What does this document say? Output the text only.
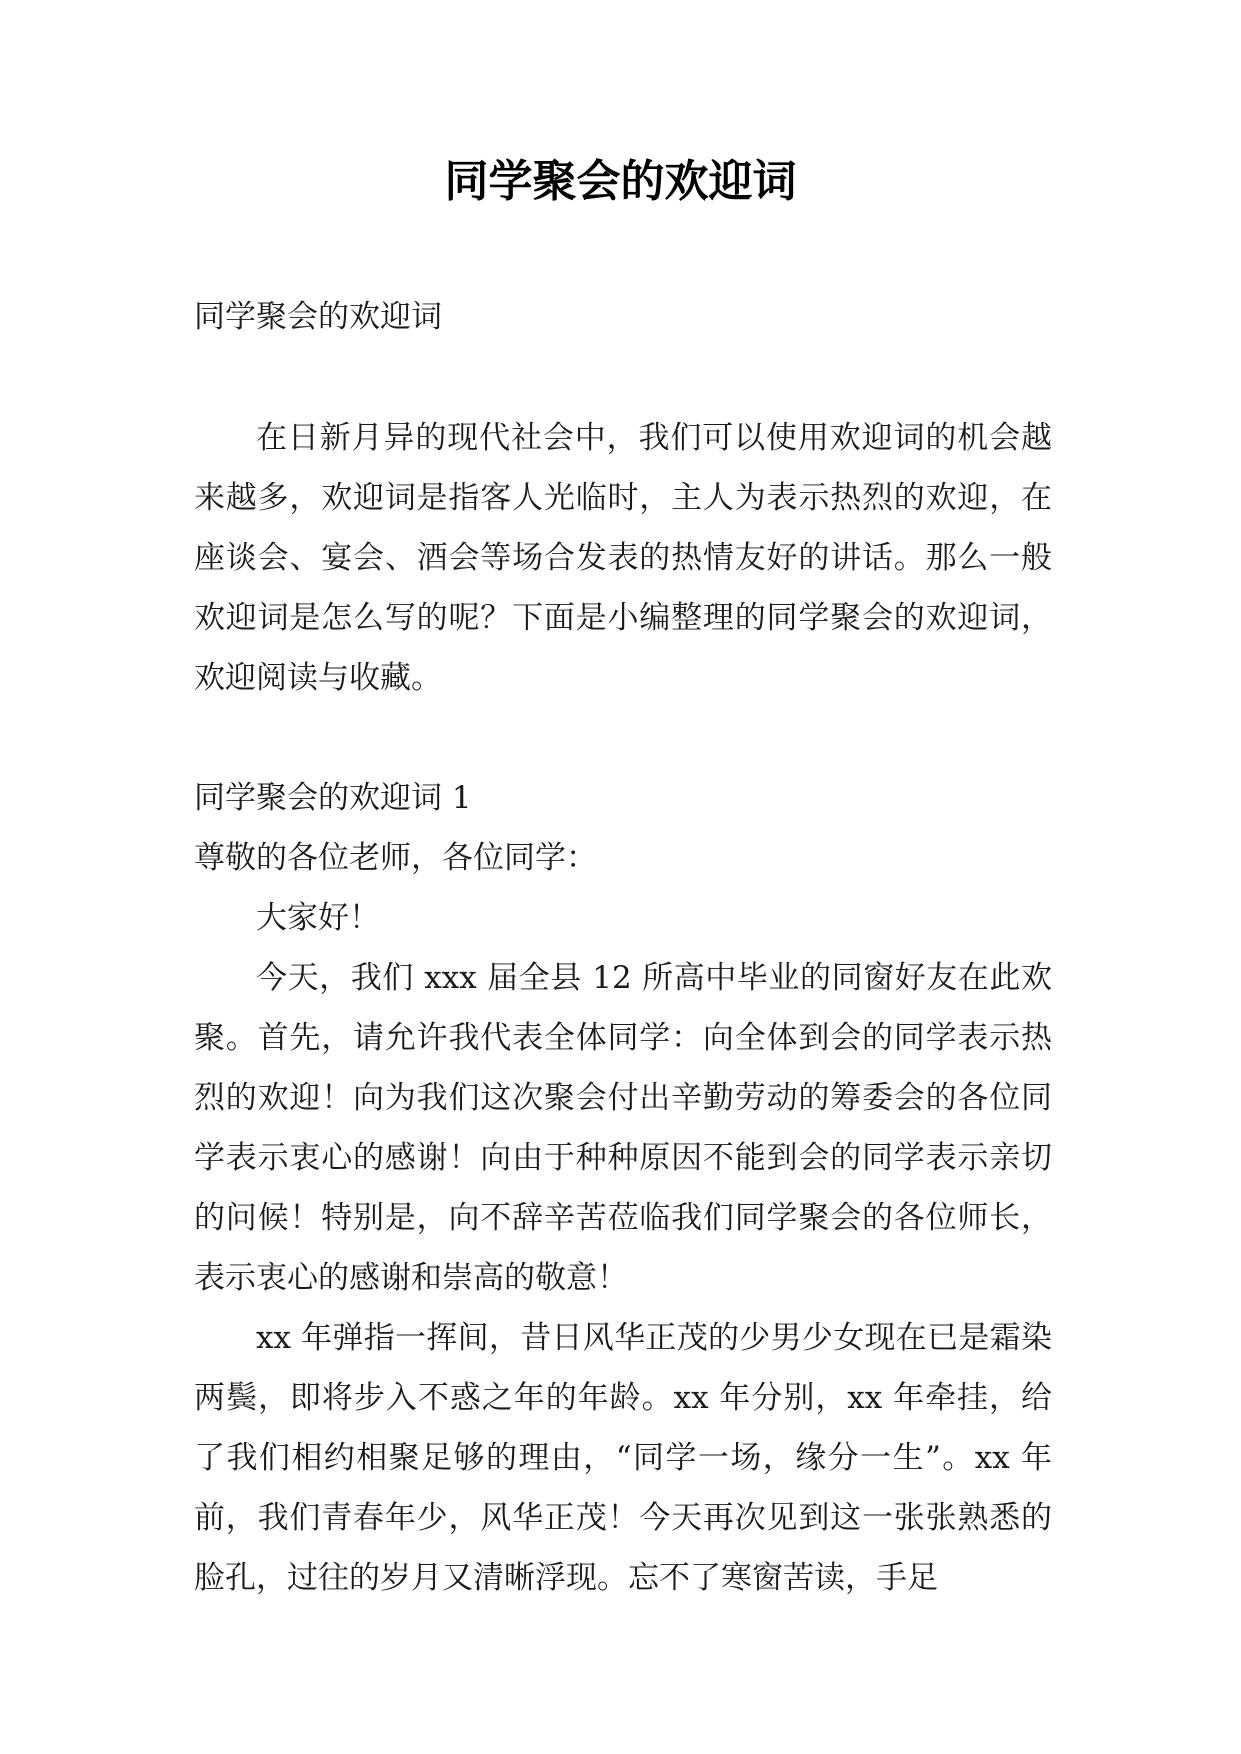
同学聚会的欢迎词

同学聚会的欢迎词

在日新月异的现代社会中，我们可以使用欢迎词的机会越来越多，欢迎词是指客人光临时，主人为表示热烈的欢迎，在座谈会、宴会、酒会等场合发表的热情友好的讲话。那么一般欢迎词是怎么写的呢？下面是小编整理的同学聚会的欢迎词，欢迎阅读与收藏。

同学聚会的欢迎词 1

尊敬的各位老师，各位同学：

大家好！

今天，我们 xxx 届全县 12 所高中毕业的同窗好友在此欢聚。首先，请允许我代表全体同学：向全体到会的同学表示热烈的欢迎！向为我们这次聚会付出辛勤劳动的筹委会的各位同学表示衷心的感谢！向由于种种原因不能到会的同学表示亲切的问候！特别是，向不辞辛苦莅临我们同学聚会的各位师长，表示衷心的感谢和崇高的敬意！

xx 年弹指一挥间，昔日风华正茂的少男少女现在已是霜染两鬓，即将步入不惑之年的年龄。xx 年分别，xx 年牵挂，给了我们相约相聚足够的理由，“同学一场，缘分一生”。xx 年前，我们青春年少，风华正茂！今天再次见到这一张张熟悉的脸孔，过往的岁月又清晰浮现。忘不了寒窗苦读，手足
